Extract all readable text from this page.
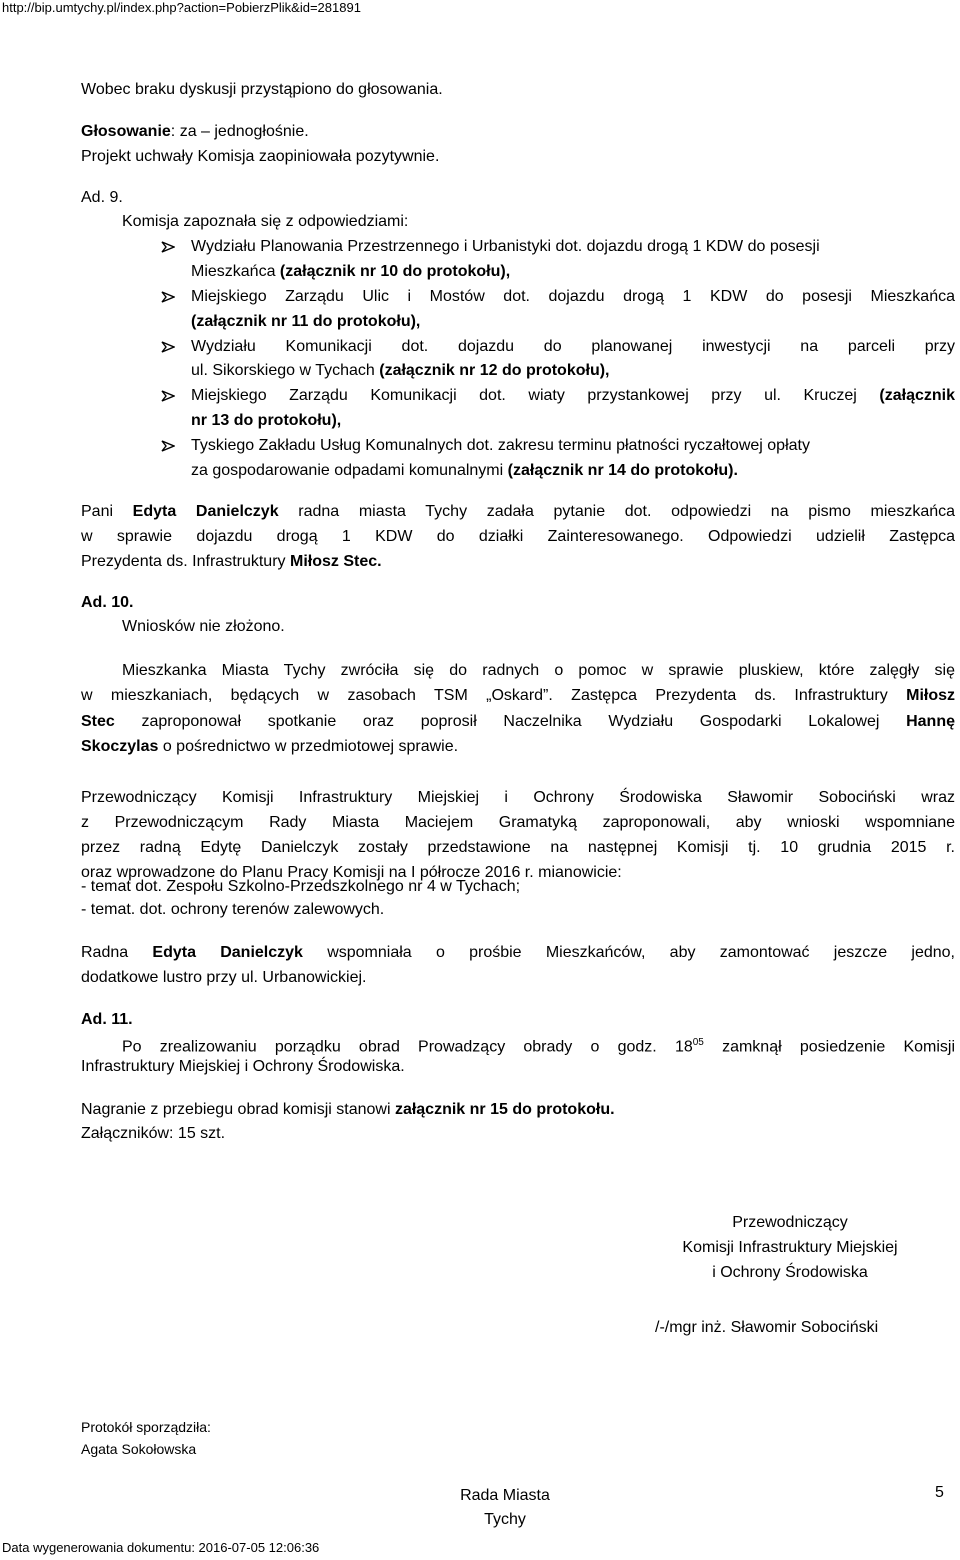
http://bip.umtychy.pl/index.php?action=PobierzPlik&id=281891

Wobec braku dyskusji przystąpiono do głosowania.

Głosowanie: za – jednogłośnie.

Projekt uchwały Komisja zaopiniowała pozytywnie.

Ad. 9.

Komisja zapoznała się z odpowiedziami:

Wydziału Planowania Przestrzennego i Urbanistyki dot. dojazdu drogą 1 KDW do posesji

Mieszkańca (załącznik nr 10 do protokołu),

Miejskiego Zarządu Ulic i Mostów dot. dojazdu drogą 1 KDW do posesji Mieszkańca

(załącznik nr 11 do protokołu),

Wydziału Komunikacji dot. dojazdu do planowanej inwestycji na parceli przy

ul. Sikorskiego w Tychach (załącznik nr 12 do protokołu),

Miejskiego Zarządu Komunikacji dot. wiaty przystankowej przy ul. Kruczej (załącznik

nr 13 do protokołu),

Tyskiego Zakładu Usług Komunalnych dot. zakresu terminu płatności ryczałtowej opłaty

za gospodarowanie odpadami komunalnymi (załącznik nr 14 do protokołu).

Pani Edyta Danielczyk radna miasta Tychy zadała pytanie dot. odpowiedzi na pismo mieszkańca

w sprawie dojazdu drogą 1 KDW do działki Zainteresowanego. Odpowiedzi udzielił Zastępca

Prezydenta ds. Infrastruktury Miłosz Stec.

Ad. 10.

Wniosków nie złożono.

Mieszkanka Miasta Tychy zwróciła się do radnych o pomoc w sprawie pluskiew, które zalęgły się

w mieszkaniach, będących w zasobach TSM „Oskard”. Zastępca Prezydenta ds. Infrastruktury Miłosz

Stec zaproponował spotkanie oraz poprosił Naczelnika Wydziału Gospodarki Lokalowej Hannę

Skoczylas o pośrednictwo w przedmiotowej sprawie.

Przewodniczący Komisji Infrastruktury Miejskiej i Ochrony Środowiska Sławomir Sobociński wraz

z Przewodniczącym Rady Miasta Maciejem Gramatyką zaproponowali, aby wnioski wspomniane

przez radną Edytę Danielczyk zostały przedstawione na następnej Komisji tj. 10 grudnia 2015 r.

oraz wprowadzone do Planu Pracy Komisji na I półrocze 2016 r. mianowicie:

- temat dot. Zespołu Szkolno-Przedszkolnego nr 4 w Tychach;

- temat. dot. ochrony terenów zalewowych.

Radna Edyta Danielczyk wspomniała o prośbie Mieszkańców, aby zamontować jeszcze jedno,

dodatkowe lustro przy ul. Urbanowickiej.

Ad. 11.

Po zrealizowaniu porządku obrad Prowadzący obrady o godz. $18^{05}$ zamknął posiedzenie Komisji

Infrastruktury Miejskiej i Ochrony Środowiska.

Nagranie z przebiegu obrad komisji stanowi załącznik nr 15 do protokołu.

Załączników: 15 szt.

Przewodniczący
Komisji Infrastruktury Miejskiej
i Ochrony Środowiska
/-/mgr inż. Sławomir Sobociński
Protokół sporządziła:
Agata Sokołowska
Rada Miasta
Tychy
5
Data wygenerowania dokumentu: 2016-07-05 12:06:36
